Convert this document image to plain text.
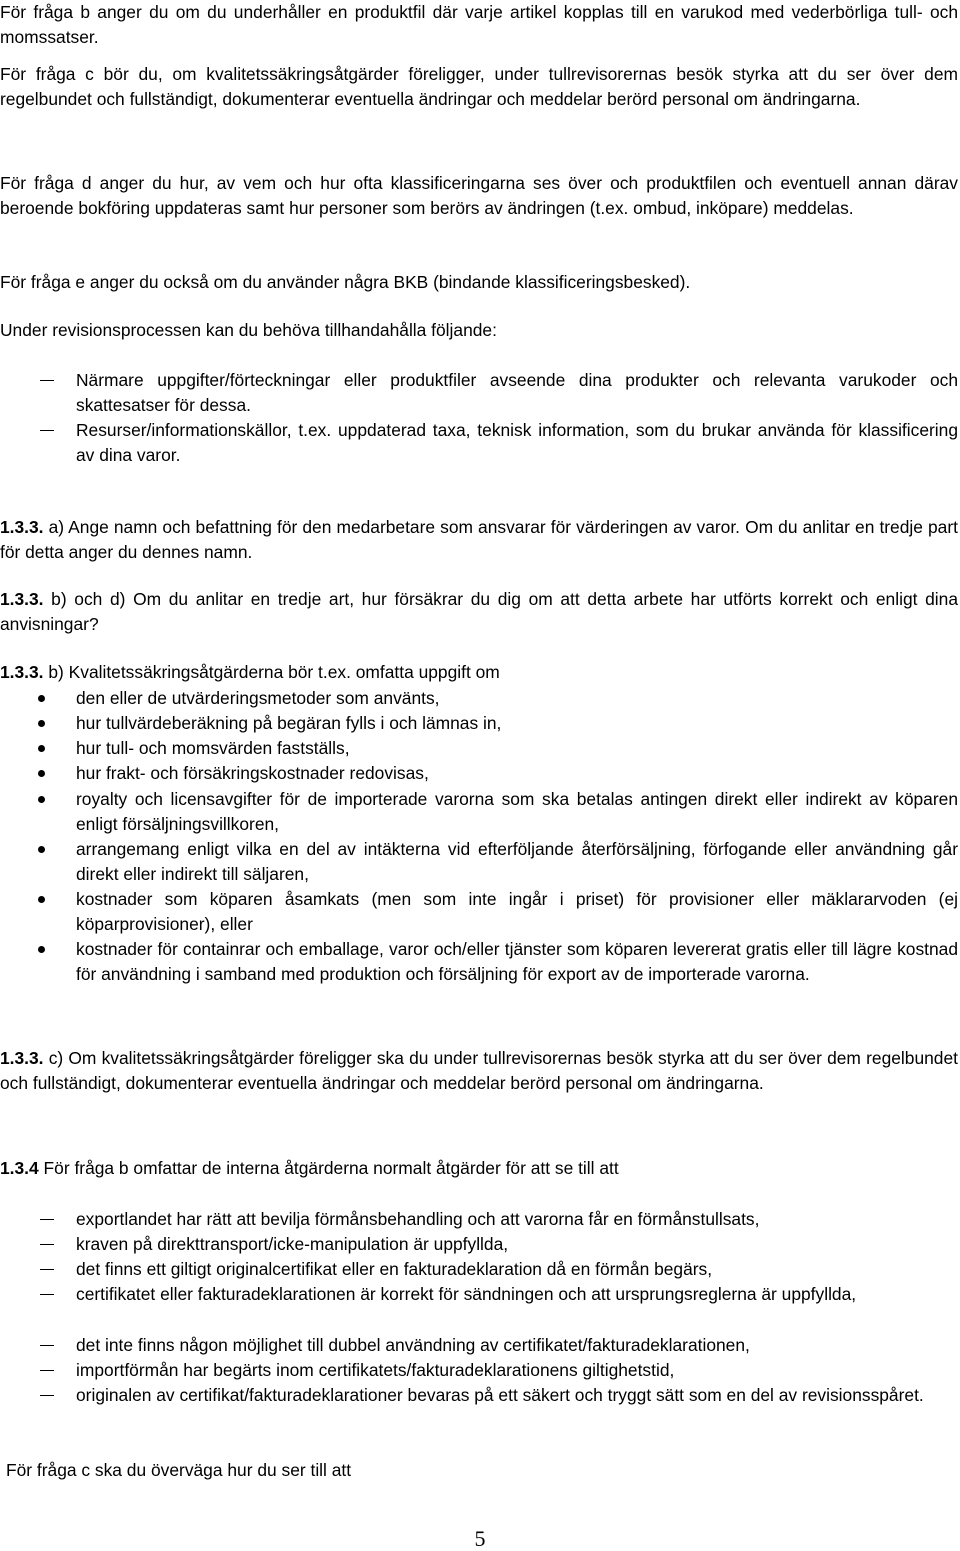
För fråga b anger du om du underhåller en produktfil där varje artikel kopplas till en varukod med vederbörliga tull- och momssatser.

För fråga c bör du, om kvalitetssäkringsåtgärder föreligger, under tullrevisorernas besök styrka att du ser över dem regelbundet och fullständigt, dokumenterar eventuella ändringar och meddelar berörd personal om ändringarna.

För fråga d anger du hur, av vem och hur ofta klassificeringarna ses över och produktfilen och eventuell annan därav beroende bokföring uppdateras samt hur personer som berörs av ändringen (t.ex. ombud, inköpare) meddelas.

För fråga e anger du också om du använder några BKB (bindande klassificeringsbesked).

Under revisionsprocessen kan du behöva tillhandahålla följande:

Närmare uppgifter/förteckningar eller produktfiler avseende dina produkter och relevanta varukoder och skattesatser för dessa.
Resurser/informationskällor, t.ex. uppdaterad taxa, teknisk information, som du brukar använda för klassificering av dina varor.

1.3.3. a) Ange namn och befattning för den medarbetare som ansvarar för värderingen av varor. Om du anlitar en tredje part för detta anger du dennes namn.

1.3.3. b) och d) Om du anlitar en tredje art, hur försäkrar du dig om att detta arbete har utförts korrekt och enligt dina anvisningar?

1.3.3. b) Kvalitetssäkringsåtgärderna bör t.ex. omfatta uppgift om

den eller de utvärderingsmetoder som använts,
hur tullvärdeberäkning på begäran fylls i och lämnas in,
hur tull- och momsvärden fastställs,
hur frakt- och försäkringskostnader redovisas,
royalty och licensavgifter för de importerade varorna som ska betalas antingen direkt eller indirekt av köparen enligt försäljningsvillkoren,
arrangemang enligt vilka en del av intäkterna vid efterföljande återförsäljning, förfogande eller användning går direkt eller indirekt till säljaren,
kostnader som köparen åsamkats (men som inte ingår i priset) för provisioner eller mäklararvoden (ej köparprovisioner), eller
kostnader för containrar och emballage, varor och/eller tjänster som köparen levererat gratis eller till lägre kostnad för användning i samband med produktion och försäljning för export av de importerade varorna.

1.3.3. c) Om kvalitetssäkringsåtgärder föreligger ska du under tullrevisorernas besök styrka att du ser över dem regelbundet och fullständigt, dokumenterar eventuella ändringar och meddelar berörd personal om ändringarna.

1.3.4 För fråga b omfattar de interna åtgärderna normalt åtgärder för att se till att

exportlandet har rätt att bevilja förmånsbehandling och att varorna får en förmånstullsats,
kraven på direkttransport/icke-manipulation är uppfyllda,
det finns ett giltigt originalcertifikat eller en fakturadeklaration då en förmån begärs,
certifikatet eller fakturadeklarationen är korrekt för sändningen och att ursprungsreglerna är uppfyllda,
det inte finns någon möjlighet till dubbel användning av certifikatet/fakturadeklarationen,
importförmån har begärts inom certifikatets/fakturadeklarationens giltighetstid,
originalen av certifikat/fakturadeklarationer bevaras på ett säkert och tryggt sätt som en del av revisionsspåret.

För fråga c ska du överväga hur du ser till att

5
